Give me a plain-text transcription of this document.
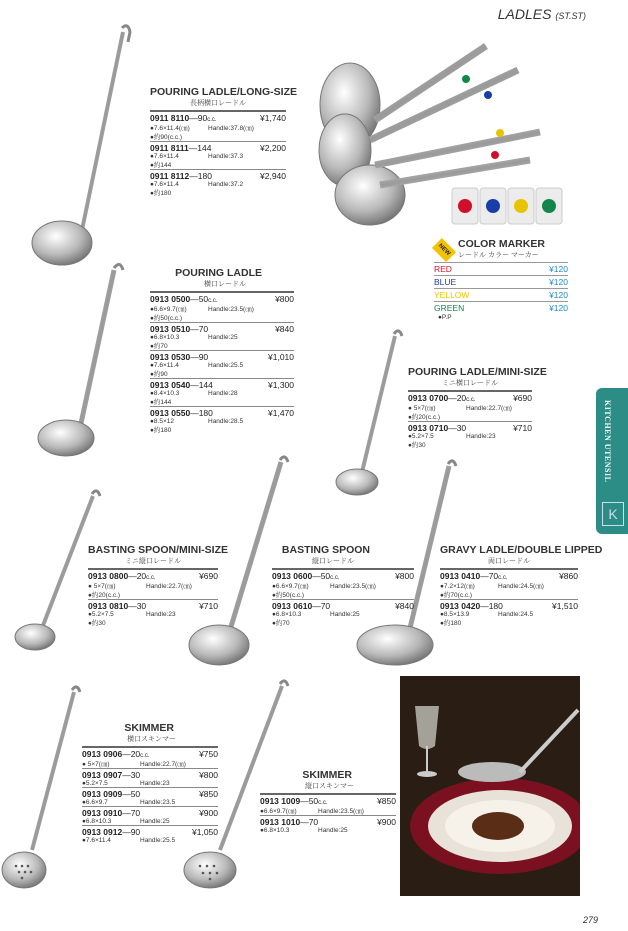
LADLES (ST.ST)
POURING LADLE/LONG-SIZE
長柄横口レードル
0911 8110—90c.c.	¥1,740
●7.6×11.4(㎝)	Handle:37.8(㎝)
●約90(c.c.)
0911 8111—144	¥2,200
●7.6×11.4	Handle:37.3
●約144
0911 8112—180	¥2,940
●7.6×11.4	Handle:37.2
●約180
POURING LADLE
横口レードル
0913 0500—50c.c.	¥800
●6.6×9.7(㎝)	Handle:23.5(㎝)
●約50(c.c.)
0913 0510—70	¥840
●6.8×10.3	Handle:25
●約70
0913 0530—90	¥1,010
●7.6×11.4	Handle:25.5
●約90
0913 0540—144	¥1,300
●8.4×10.3	Handle:28
●約144
0913 0550—180	¥1,470
●8.5×12	Handle:28.5
●約180
POURING LADLE/MINI-SIZE
ミニ横口レードル
0913 0700—20c.c.	¥690
● 5×7(㎝)	Handle:22.7(㎝)
●約20(c.c.)
0913 0710—30	¥710
●5.2×7.5	Handle:23
●約30
BASTING SPOON/MINI-SIZE
ミニ縦口レードル
0913 0800—20c.c.	¥690
● 5×7(㎝)	Handle:22.7(㎝)
●約20(c.c.)
0913 0810—30	¥710
●5.2×7.5	Handle:23
●約30
BASTING SPOON
縦口レードル
0913 0600—50c.c.	¥800
●6.6×9.7(㎝)	Handle:23.5(㎝)
●約50(c.c.)
0913 0610—70	¥840
●6.8×10.3	Handle:25
●約70
GRAVY LADLE/DOUBLE LIPPED
両口レードル
0913 0410—70c.c.	¥860
●7.2×12(㎝)	Handle:24.5(㎝)
●約70(c.c.)
0913 0420—180	¥1,510
●8.5×13.9	Handle:24.5
●約180
SKIMMER
横口スキンマー
0913 0906—20c.c.	¥750
● 5×7(㎝)	Handle:22.7(㎝)
0913 0907—30	¥800
●5.2×7.5	Handle:23
0913 0909—50	¥850
●6.6×9.7	Handle:23.5
0913 0910—70	¥900
●6.8×10.3	Handle:25
0913 0912—90	¥1,050
●7.6×11.4	Handle:25.5
SKIMMER
縦口スキンマー
0913 1009—50c.c.	¥850
●6.6×9.7(㎝)	Handle:23.5(㎝)
0913 1010—70	¥900
●6.8×10.3	Handle:25
NEW COLOR MARKER
レードル カラー マーカー
RED	¥120
BLUE	¥120
YELLOW	¥120
GREEN	¥120
●P.P
KITCHEN UTENSIL
K
279
